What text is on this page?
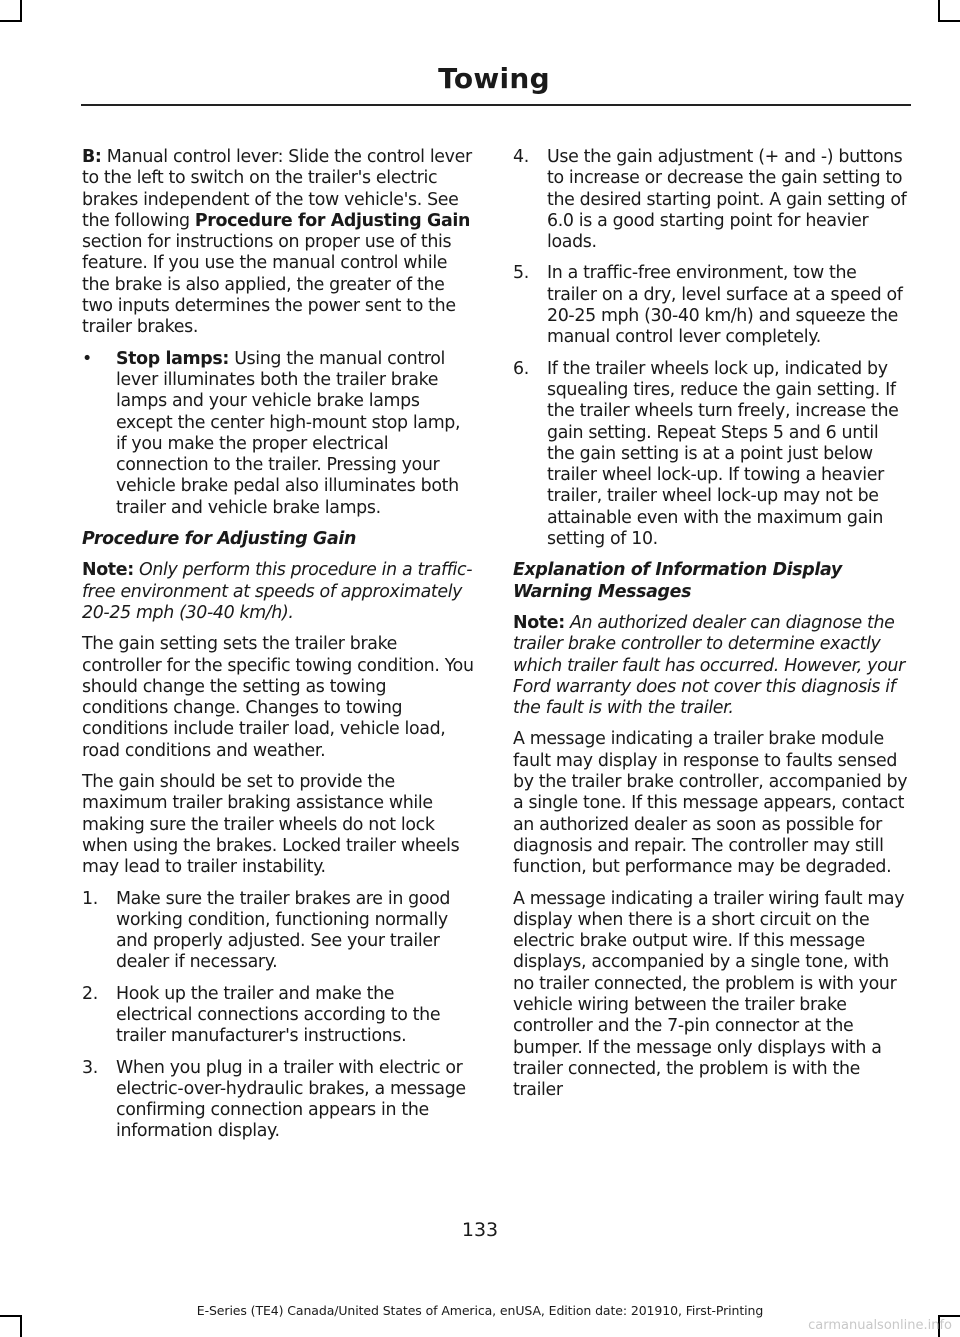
Towing

B: Manual control lever: Slide the control lever to the left to switch on the trailer's electric brakes independent of the tow vehicle's. See the following Procedure for Adjusting Gain section for instructions on proper use of this feature. If you use the manual control while the brake is also applied, the greater of the two inputs determines the power sent to the trailer brakes.

•	Stop lamps: Using the manual control lever illuminates both the trailer brake lamps and your vehicle brake lamps except the center high-mount stop lamp, if you make the proper electrical connection to the trailer. Pressing your vehicle brake pedal also illuminates both trailer and vehicle brake lamps.

Procedure for Adjusting Gain

Note: Only perform this procedure in a traffic-free environment at speeds of approximately 20-25 mph (30-40 km/h).

The gain setting sets the trailer brake controller for the specific towing condition. You should change the setting as towing conditions change. Changes to towing conditions include trailer load, vehicle load, road conditions and weather.

The gain should be set to provide the maximum trailer braking assistance while making sure the trailer wheels do not lock when using the brakes. Locked trailer wheels may lead to trailer instability.

1.	Make sure the trailer brakes are in good working condition, functioning normally and properly adjusted. See your trailer dealer if necessary.
2.	Hook up the trailer and make the electrical connections according to the trailer manufacturer's instructions.
3.	When you plug in a trailer with electric or electric-over-hydraulic brakes, a message confirming connection appears in the information display.
4.	Use the gain adjustment (+ and -) buttons to increase or decrease the gain setting to the desired starting point. A gain setting of 6.0 is a good starting point for heavier loads.
5.	In a traffic-free environment, tow the trailer on a dry, level surface at a speed of 20-25 mph (30-40 km/h) and squeeze the manual control lever completely.
6.	If the trailer wheels lock up, indicated by squealing tires, reduce the gain setting. If the trailer wheels turn freely, increase the gain setting. Repeat Steps 5 and 6 until the gain setting is at a point just below trailer wheel lock-up. If towing a heavier trailer, trailer wheel lock-up may not be attainable even with the maximum gain setting of 10.

Explanation of Information Display Warning Messages

Note: An authorized dealer can diagnose the trailer brake controller to determine exactly which trailer fault has occurred. However, your Ford warranty does not cover this diagnosis if the fault is with the trailer.

A message indicating a trailer brake module fault may display in response to faults sensed by the trailer brake controller, accompanied by a single tone. If this message appears, contact an authorized dealer as soon as possible for diagnosis and repair. The controller may still function, but performance may be degraded.

A message indicating a trailer wiring fault may display when there is a short circuit on the electric brake output wire. If this message displays, accompanied by a single tone, with no trailer connected, the problem is with your vehicle wiring between the trailer brake controller and the 7-pin connector at the bumper. If the message only displays with a trailer connected, the problem is with the trailer

133
E-Series (TE4) Canada/United States of America, enUSA, Edition date: 201910, First-Printing
carmanualsonline.info
